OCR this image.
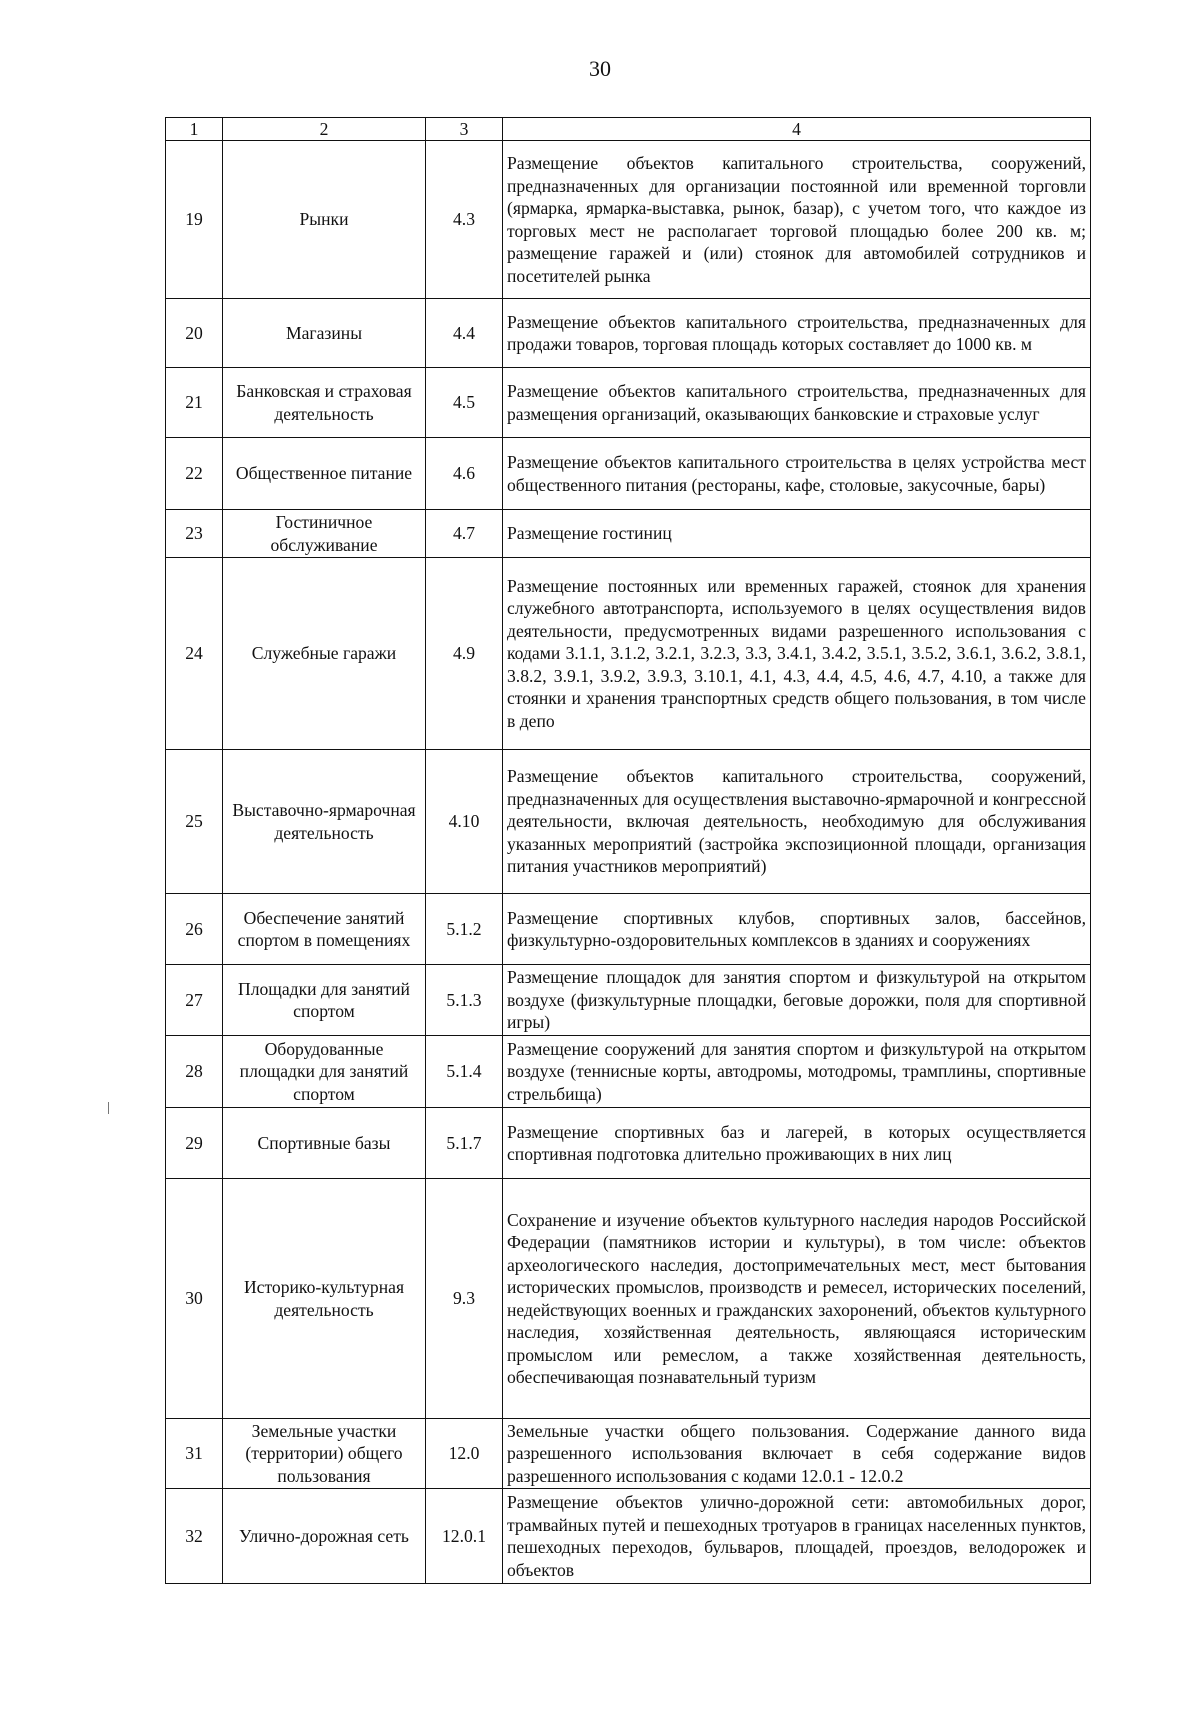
30
1	2	3	4
19	Рынки	4.3	Размещение объектов капитального строительства, сооружений, предназначенных для организации постоянной или временной торговли (ярмарка, ярмарка-выставка, рынок, базар), с учетом того, что каждое из торговых мест не располагает торговой площадью более 200 кв. м; размещение гаражей и (или) стоянок для автомобилей сотрудников и посетителей рынка
20	Магазины	4.4	Размещение объектов капитального строительства, предназначенных для продажи товаров, торговая площадь которых составляет до 1000 кв. м
21	Банковская и страховая деятельность	4.5	Размещение объектов капитального строительства, предназначенных для размещения организаций, оказывающих банковские и страховые услуг
22	Общественное питание	4.6	Размещение объектов капитального строительства в целях устройства мест общественного питания (рестораны, кафе, столовые, закусочные, бары)
23	Гостиничное обслуживание	4.7	Размещение гостиниц
24	Служебные гаражи	4.9	Размещение постоянных или временных гаражей, стоянок для хранения служебного автотранспорта, используемого в целях осуществления видов деятельности, предусмотренных видами разрешенного использования с кодами 3.1.1, 3.1.2, 3.2.1, 3.2.3, 3.3, 3.4.1, 3.4.2, 3.5.1, 3.5.2, 3.6.1, 3.6.2, 3.8.1, 3.8.2, 3.9.1, 3.9.2, 3.9.3, 3.10.1, 4.1, 4.3, 4.4, 4.5, 4.6, 4.7, 4.10, а также для стоянки и хранения транспортных средств общего пользования, в том числе в депо
25	Выставочно-ярмарочная деятельность	4.10	Размещение объектов капитального строительства, сооружений, предназначенных для осуществления выставочно-ярмарочной и конгрессной деятельности, включая деятельность, необходимую для обслуживания указанных мероприятий (застройка экспозиционной площади, организация питания участников мероприятий)
26	Обеспечение занятий спортом в помещениях	5.1.2	Размещение спортивных клубов, спортивных залов, бассейнов, физкультурно-оздоровительных комплексов в зданиях и сооружениях
27	Площадки для занятий спортом	5.1.3	Размещение площадок для занятия спортом и физкультурой на открытом воздухе (физкультурные площадки, беговые дорожки, поля для спортивной игры)
28	Оборудованные площадки для занятий спортом	5.1.4	Размещение сооружений для занятия спортом и физкультурой на открытом воздухе (теннисные корты, автодромы, мотодромы, трамплины, спортивные стрельбища)
29	Спортивные базы	5.1.7	Размещение спортивных баз и лагерей, в которых осуществляется спортивная подготовка длительно проживающих в них лиц
30	Историко-культурная деятельность	9.3	Сохранение и изучение объектов культурного наследия народов Российской Федерации (памятников истории и культуры), в том числе: объектов археологического наследия, достопримечательных мест, мест бытования исторических промыслов, производств и ремесел, исторических поселений, недействующих военных и гражданских захоронений, объектов культурного наследия, хозяйственная деятельность, являющаяся историческим промыслом или ремеслом, а также хозяйственная деятельность, обеспечивающая познавательный туризм
31	Земельные участки (территории) общего пользования	12.0	Земельные участки общего пользования. Содержание данного вида разрешенного использования включает в себя содержание видов разрешенного использования с кодами 12.0.1 - 12.0.2
32	Улично-дорожная сеть	12.0.1	Размещение объектов улично-дорожной сети: автомобильных дорог, трамвайных путей и пешеходных тротуаров в границах населенных пунктов, пешеходных переходов, бульваров, площадей, проездов, велодорожек и объектов
